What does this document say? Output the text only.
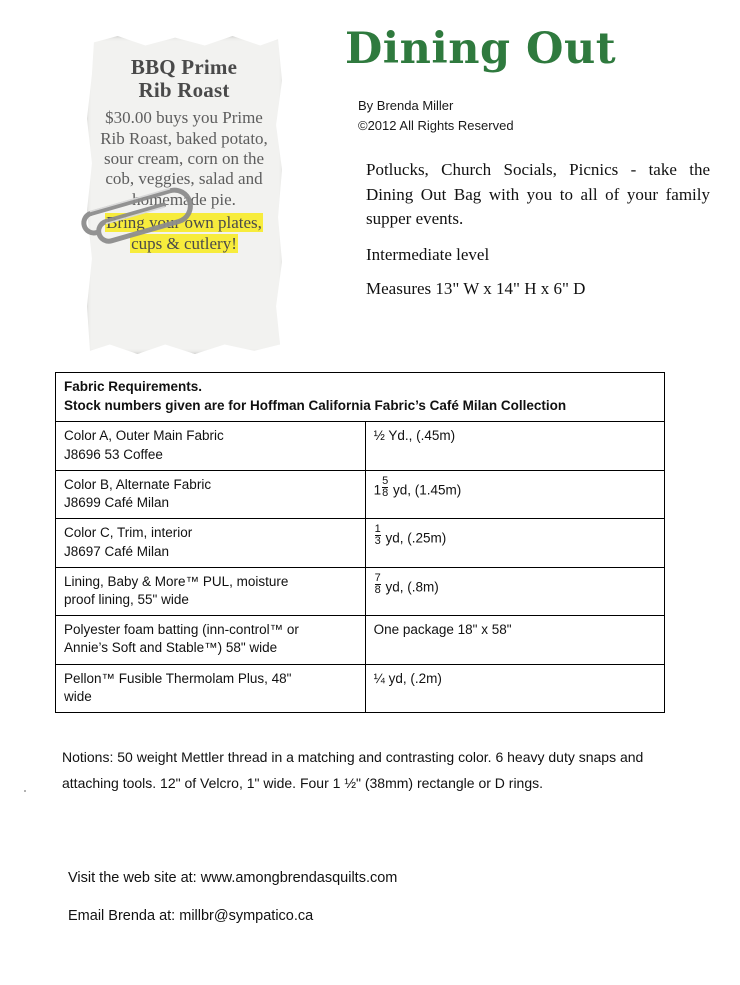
BBQ Prime
Rib Roast
$30.00 buys you Prime Rib Roast, baked potato, sour cream, corn on the cob, veggies, salad and homemade pie.
Bring your own plates, cups & cutlery!
Dining Out
By Brenda Miller
©2012 All Rights Reserved
Potlucks, Church Socials, Picnics - take the Dining Out Bag with you to all of your family supper events.
Intermediate level
Measures 13" W x 14" H x 6" D
Fabric Requirements.	
Stock numbers given are for Hoffman California Fabric’s Café Milan Collection	
Color A, Outer Main Fabric
J8696 53 Coffee	½ Yd., (.45m)
Color B, Alternate Fabric
J8699 Café Milan	$1 \frac{5}{8}$ yd, (1.45m)
Color C, Trim, interior
J8697 Café Milan	$\frac{1}{3}$ yd, (.25m)
Lining, Baby & More™ PUL, moisture
proof lining, 55" wide	$\frac{7}{8}$ yd, (.8m)
Polyester foam batting (inn-control™ or
Annie’s Soft and Stable™) 58" wide	One package 18" x 58"
Pellon™ Fusible Thermolam Plus, 48"
wide	¼ yd, (.2m)
Notions: 50 weight Mettler thread in a matching and contrasting color. 6 heavy duty snaps and attaching tools. 12" of Velcro, 1" wide. Four 1 ½" (38mm) rectangle or D rings.
Visit the web site at: www.amongbrendasquilts.com
Email Brenda at: millbr@sympatico.ca
